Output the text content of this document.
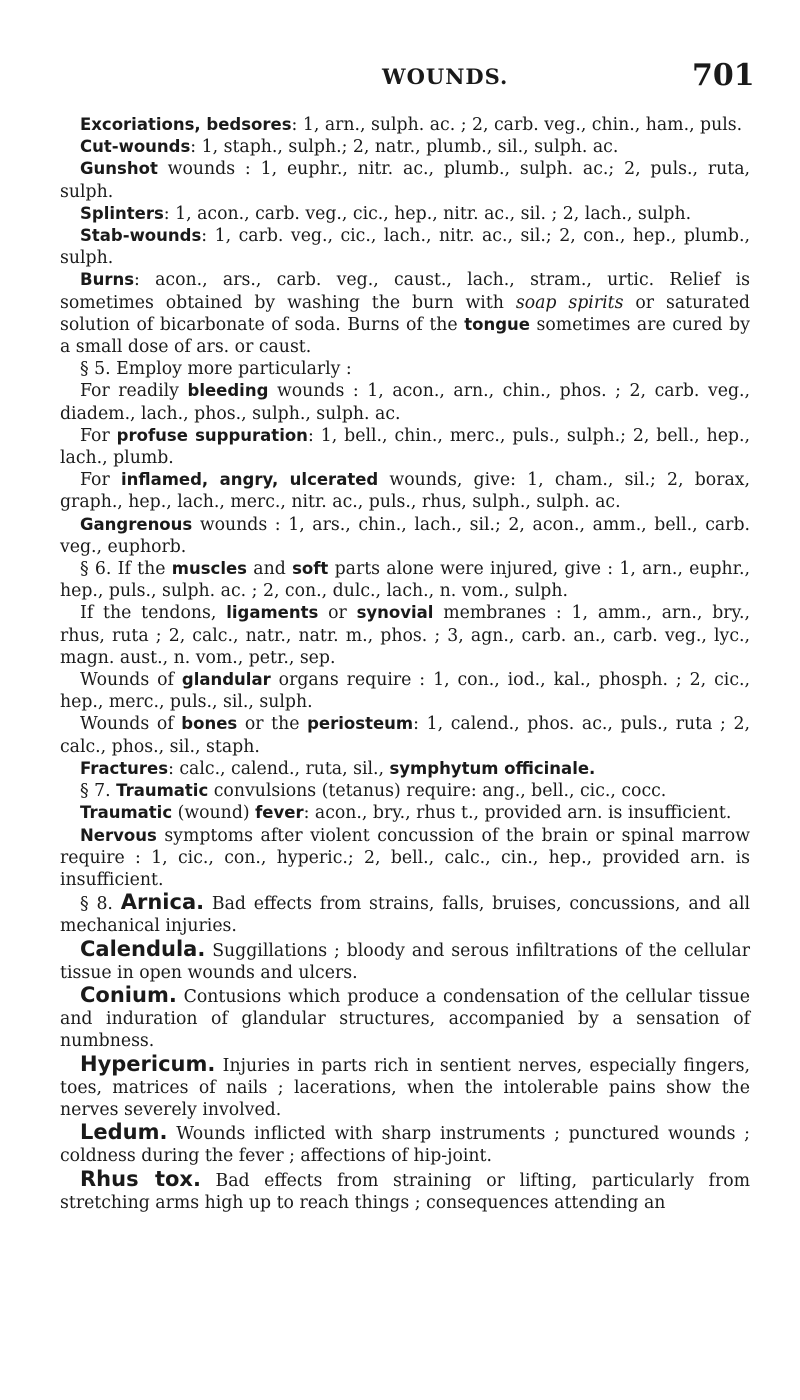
WOUNDS.	701

Excoriations, bedsores: 1, arn., sulph. ac. ; 2, carb. veg., chin., ham., puls.

Cut-wounds: 1, staph., sulph.; 2, natr., plumb., sil., sulph. ac.

Gunshot wounds : 1, euphr., nitr. ac., plumb., sulph. ac.; 2, puls., ruta, sulph.

Splinters: 1, acon., carb. veg., cic., hep., nitr. ac., sil. ; 2, lach., sulph.

Stab-wounds: 1, carb. veg., cic., lach., nitr. ac., sil.; 2, con., hep., plumb., sulph.

Burns: acon., ars., carb. veg., caust., lach., stram., urtic. Relief is sometimes obtained by washing the burn with soap spirits or saturated solution of bicarbonate of soda. Burns of the tongue sometimes are cured by a small dose of ars. or caust.

§ 5. Employ more particularly :

For readily bleeding wounds : 1, acon., arn., chin., phos. ; 2, carb. veg., diadem., lach., phos., sulph., sulph. ac.

For profuse suppuration: 1, bell., chin., merc., puls., sulph.; 2, bell., hep., lach., plumb.

For inflamed, angry, ulcerated wounds, give: 1, cham., sil.; 2, borax, graph., hep., lach., merc., nitr. ac., puls., rhus, sulph., sulph. ac.

Gangrenous wounds : 1, ars., chin., lach., sil.; 2, acon., amm., bell., carb. veg., euphorb.

§ 6. If the muscles and soft parts alone were injured, give : 1, arn., euphr., hep., puls., sulph. ac. ; 2, con., dulc., lach., n. vom., sulph.

If the tendons, ligaments or synovial membranes : 1, amm., arn., bry., rhus, ruta ; 2, calc., natr., natr. m., phos. ; 3, agn., carb. an., carb. veg., lyc., magn. aust., n. vom., petr., sep.

Wounds of glandular organs require : 1, con., iod., kal., phosph. ; 2, cic., hep., merc., puls., sil., sulph.

Wounds of bones or the periosteum: 1, calend., phos. ac., puls., ruta ; 2, calc., phos., sil., staph.

Fractures: calc., calend., ruta, sil., symphytum officinale.

§ 7. Traumatic convulsions (tetanus) require: ang., bell., cic., cocc.

Traumatic (wound) fever: acon., bry., rhus t., provided arn. is insufficient.

Nervous symptoms after violent concussion of the brain or spinal marrow require : 1, cic., con., hyperic.; 2, bell., calc., cin., hep., provided arn. is insufficient.

§ 8. Arnica. Bad effects from strains, falls, bruises, concussions, and all mechanical injuries.

Calendula. Suggillations ; bloody and serous infiltrations of the cellular tissue in open wounds and ulcers.

Conium. Contusions which produce a condensation of the cellular tissue and induration of glandular structures, accompanied by a sensation of numbness.

Hypericum. Injuries in parts rich in sentient nerves, especially fingers, toes, matrices of nails ; lacerations, when the intolerable pains show the nerves severely involved.

Ledum. Wounds inflicted with sharp instruments ; punctured wounds ; coldness during the fever ; affections of hip-joint.

Rhus tox. Bad effects from straining or lifting, particularly from stretching arms high up to reach things ; consequences attending an
